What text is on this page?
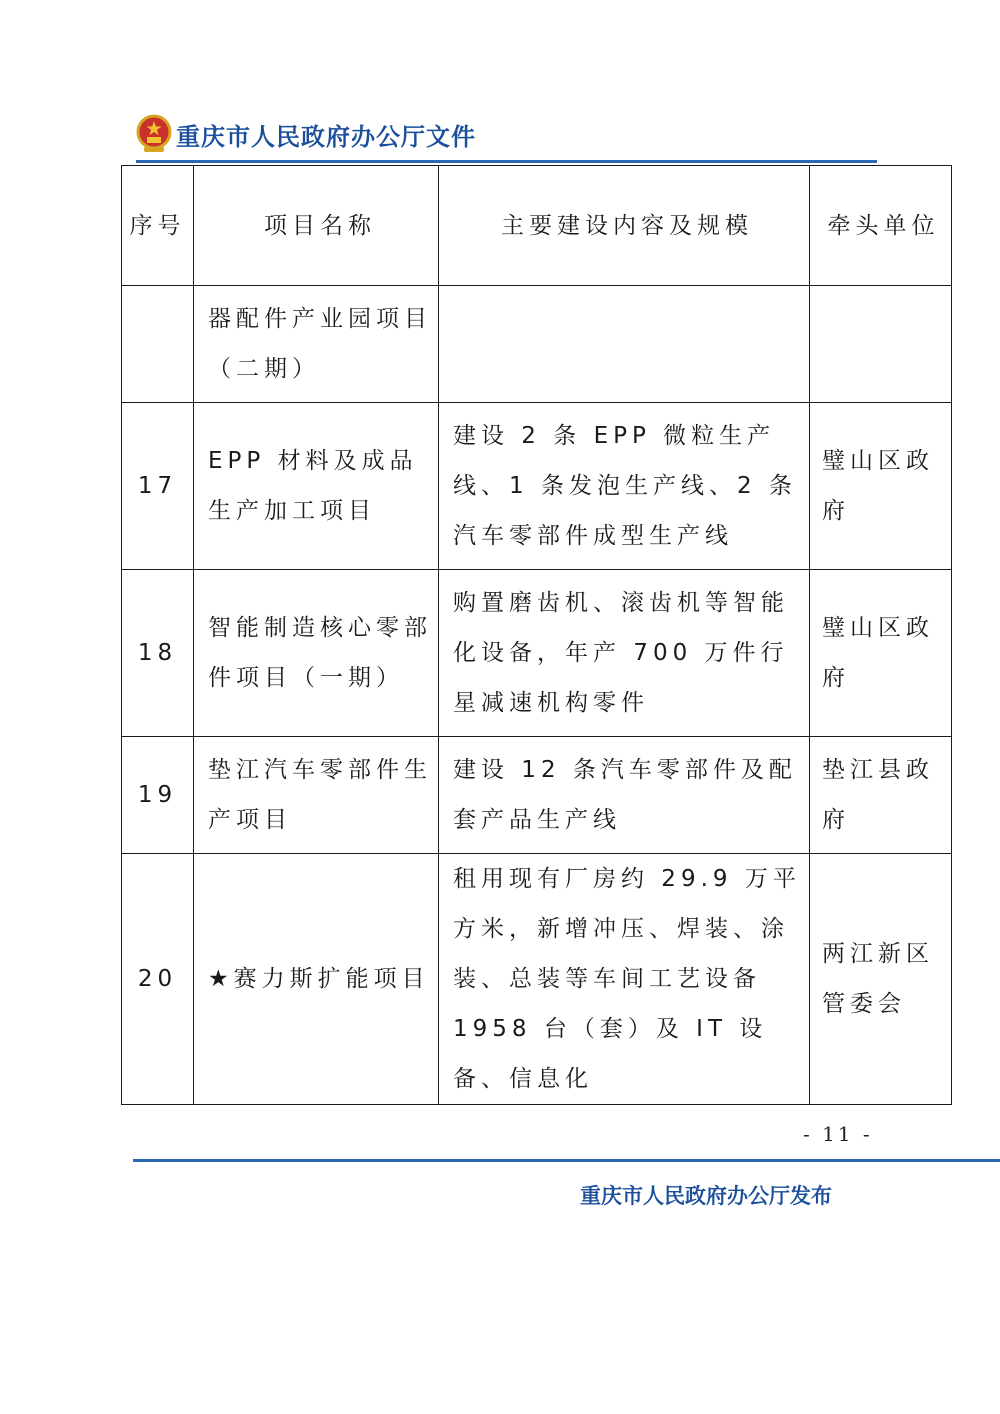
重庆市人民政府办公厅文件
序号	项目名称	主要建设内容及规模	牵头单位
	器配件产业园项目（二期）		
17	EPP 材料及成品生产加工项目	建设 2 条 EPP 微粒生产线、1 条发泡生产线、2 条汽车零部件成型生产线	璧山区政府
18	智能制造核心零部件项目（一期）	购置磨齿机、滚齿机等智能化设备，年产 700 万件行星减速机构零件	璧山区政府
19	垫江汽车零部件生产项目	建设 12 条汽车零部件及配套产品生产线	垫江县政府
20	★赛力斯扩能项目	租用现有厂房约 29.9 万平方米，新增冲压、焊装、涂装、总装等车间工艺设备 1958 台（套）及 IT 设备、信息化	两江新区管委会
- 11 -
重庆市人民政府办公厅发布
